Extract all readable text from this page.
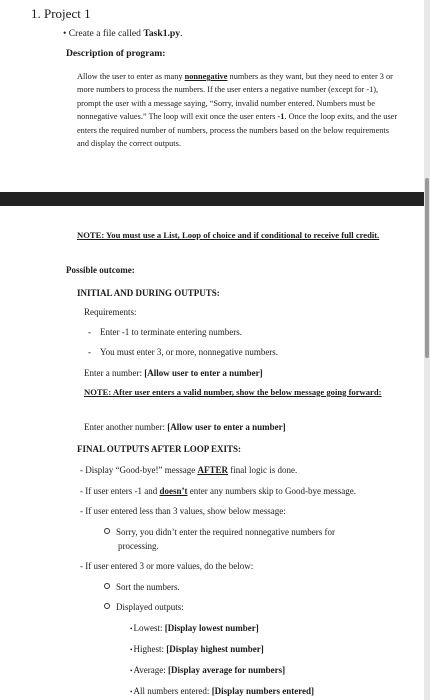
1. Project 1
• Create a file called Task1.py.
Description of program:

Allow the user to enter as many nonnegative numbers as they want, but they need to enter 3 or more numbers to process the numbers. If the user enters a negative number (except for -1), prompt the user with a message saying, “Sorry, invalid number entered. Numbers must be nonnegative values.” The loop will exit once the user enters -1. Once the loop exits, and the user enters the required number of numbers, process the numbers based on the below requirements and display the correct outputs.

NOTE: You must use a List, Loop of choice and if conditional to receive full credit.
Possible outcome:
INITIAL AND DURING OUTPUTS:
Requirements:
- Enter -1 to terminate entering numbers.
- You must enter 3, or more, nonnegative numbers.
Enter a number: [Allow user to enter a number]
NOTE: After user enters a valid number, show the below message going forward:
Enter another number: [Allow user to enter a number]
FINAL OUTPUTS AFTER LOOP EXITS:
- Display “Good-bye!” message AFTER final logic is done.
- If user enters -1 and doesn’t enter any numbers skip to Good-bye message.
- If user entered less than 3 values, show below message:
Sorry, you didn’t enter the required nonnegative numbers for
processing.
- If user entered 3 or more values, do the below:
Sort the numbers.
Displayed outputs:
•Lowest: [Display lowest number]
•Highest: [Display highest number]
•Average: [Display average for numbers]
•All numbers entered: [Display numbers entered]
